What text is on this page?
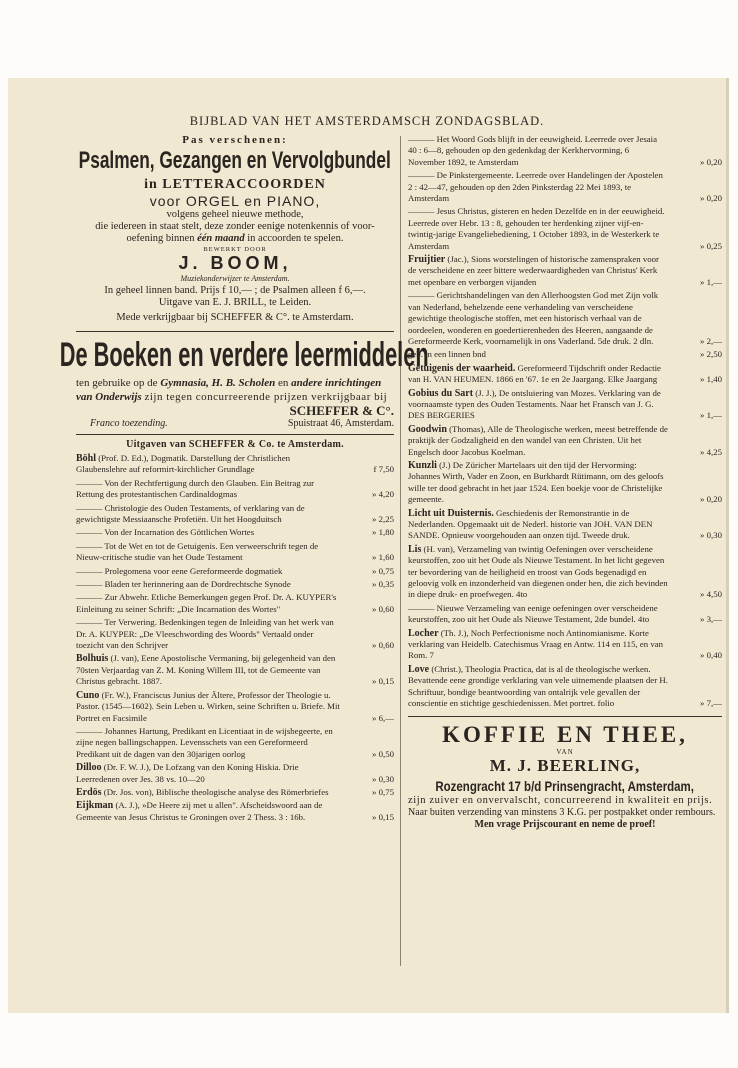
BIJBLAD VAN HET AMSTERDAMSCH ZONDAGSBLAD.
Pas verschenen:
Psalmen, Gezangen en Vervolgbundel
in LETTERACCOORDEN
voor ORGEL en PIANO,
volgens geheel nieuwe methode,
die iedereen in staat stelt, deze zonder eenige notenkennis of voor-
oefening binnen één maand in accoorden te spelen.
BEWERKT DOOR
J. BOOM,
Muziekonderwijzer te Amsterdam.
In geheel linnen band. Prijs f 10,— ; de Psalmen alleen f 6,—.
Uitgave van E. J. BRILL, te Leiden.
Mede verkrijgbaar bij SCHEFFER & C°. te Amsterdam.
De Boeken en verdere leermiddelen
ten gebruike op de Gymnasia, H. B. Scholen en andere inrichtingen van Onderwijs zijn tegen concurreerende prijzen verkrijgbaar bij
SCHEFFER & C°.
Franco toezending.	Spuistraat 46, Amsterdam.
Uitgaven van SCHEFFER & Co. te Amsterdam.
Böhl (Prof. D. Ed.), Dogmatik. Darstellung der Christlichen Glaubenslehre auf reformirt-kirchlicher Grundlage	f 7,50
——— Von der Rechtfertigung durch den Glauben. Ein Beitrag zur Rettung des protestantischen Cardinaldogmas	» 4,20
——— Christologie des Ouden Testaments, of verklaring van de gewichtigste Messiaansche Profetiën. Uit het Hoogduitsch	» 2,25
——— Von der Incarnation des Göttlichen Wortes	» 1,80
——— Tot de Wet en tot de Getuigenis. Een verweerschrift tegen de Nieuw-critische studie van het Oude Testament	» 1,60
——— Prolegomena voor eene Gereformeerde dogmatiek	» 0,75
——— Bladen ter herinnering aan de Dordrechtsche Synode	» 0,35
——— Zur Abwehr. Etliche Bemerkungen gegen Prof. Dr. A. KUYPER's Einleitung zu seiner Schrift: „Die Incarnation des Wortes"	» 0,60
——— Ter Verwering. Bedenkingen tegen de Inleiding van het werk van Dr. A. KUYPER: „De Vleeschwording des Woords" Vertaald onder toezicht van den Schrijver	» 0,60
Bolhuis (J. van), Eene Apostolische Vermaning, bij gelegenheid van den 70sten Verjaardag van Z. M. Koning Willem III, tot de Gemeente van Christus gebracht. 1887.	» 0,15
Cuno (Fr. W.), Franciscus Junius der Ältere, Professor der Theologie u. Pastor. (1545—1602). Sein Leben u. Wirken, seine Schriften u. Briefe. Mit Portret en Facsimile	» 6,—
——— Johannes Hartung, Predikant en Licentiaat in de wijsbegeerte, en zijne negen ballingschappen. Levensschets van een Gereformeerd Predikant uit de dagen van den 30jarigen oorlog	» 0,50
Dilloo (Dr. F. W. J.), De Lofzang van den Koning Hiskia. Drie Leerredenen over Jes. 38 vs. 10—20	» 0,30
Erdös (Dr. Jos. von), Biblische theologische analyse des Römerbriefes	» 0,75
Eijkman (A. J.), »De Heere zij met u allen". Afscheidswoord aan de Gemeente van Jesus Christus te Groningen over 2 Thess. 3 : 16b.	» 0,15
——— Het Woord Gods blijft in der eeuwigheid. Leerrede over Jesaia 40 : 6—8, gehouden op den gedenkdag der Kerkhervorming, 6 November 1892, te Amsterdam	» 0,20
——— De Pinkstergemeente. Leerrede over Handelingen der Apostelen 2 : 42—47, gehouden op den 2den Pinksterdag 22 Mei 1893, te Amsterdam	» 0,20
——— Jesus Christus, gisteren en heden Dezelfde en in der eeuwigheid. Leerrede over Hebr. 13 : 8, gehouden ter herdenking zijner vijf-en-twintig-jarige Evangeliebediening, 1 October 1893, in de Westerkerk te Amsterdam	» 0,25
Fruijtier (Jac.), Sions worstelingen of historische zamenspraken voor de verscheidene en zeer bittere wederwaardigheden van Christus' Kerk met openbare en verborgen vijanden	» 1,—
——— Gerichtshandelingen van den Allerhoogsten God met Zijn volk van Nederland, behelzende eene verhandeling van verscheidene gewichtige theologische stoffen, met een historisch verhaal van de oordeelen, wonderen en goedertierenheden des Heeren, aangaande de Gereformeerde Kerk, voornamelijk in ons Vaderland. 5de druk. 2 dln.	» 2,—
geb. in een linnen bnd	» 2,50
Getuigenis der waarheid. Gereformeerd Tijdschrift onder Redactie van H. VAN HEUMEN. 1866 en '67. 1e en 2e Jaargang. Elke Jaargang	» 1,40
Gobius du Sart (J. J.), De ontsluiering van Mozes. Verklaring van de voornaamste typen des Ouden Testaments. Naar het Fransch van J. G. DES BERGERIES	» 1,—
Goodwin (Thomas), Alle de Theologische werken, meest betreffende de praktijk der Godzaligheid en den wandel van een Christen. Uit het Engelsch door Jacobus Koelman.	» 4,25
Kunzli (J.) De Züricher Martelaars uit den tijd der Hervorming: Johannes Wirth, Vader en Zoon, en Burkhardt Rütimann, om des geloofs wille ter dood gebracht in het jaar 1524. Een boekje voor de Christelijke gemeente.	» 0,20
Licht uit Duisternis. Geschiedenis der Remonstrantie in de Nederlanden. Opgemaakt uit de Nederl. historie van JOH. VAN DEN SANDE. Opnieuw voorgehouden aan onzen tijd. Tweede druk.	» 0,30
Lis (H. van), Verzameling van twintig Oefeningen over verscheidene keurstoffen, zoo uit het Oude als Nieuwe Testament. In het licht gegeven ter bevordering van de heiligheid en troost van Gods begenadigd en geloovig volk en inzonderheid van diegenen onder hen, die zich bevinden in diepe druk- en proefwegen. 4to	» 4,50
——— Nieuwe Verzameling van eenige oefeningen over verscheidene keurstoffen, zoo uit het Oude als Nieuwe Testament, 2de bundel. 4to	» 3,—
Locher (Th. J.), Noch Perfectionisme noch Antinomianisme. Korte verklaring van Heidelb. Catechismus Vraag en Antw. 114 en 115, en van Rom. 7	» 0,40
Love (Christ.), Theologia Practica, dat is al de theologische werken. Bevattende eene grondige verklaring van vele uitnemende plaatsen der H. Schriftuur, bondige beantwoording van ontalrijk vele gevallen der conscientie en stichtige geschiedenissen. Met portret. folio	» 7,—
KOFFIE EN THEE,
VAN
M. J. BEERLING,
Rozengracht 17 b/d Prinsengracht, Amsterdam,
zijn zuiver en onvervalscht, concurreerend in kwaliteit en prijs.
Naar buiten verzending van minstens 3 K.G. per postpakket onder rembours.
Men vrage Prijscourant en neme de proef!
